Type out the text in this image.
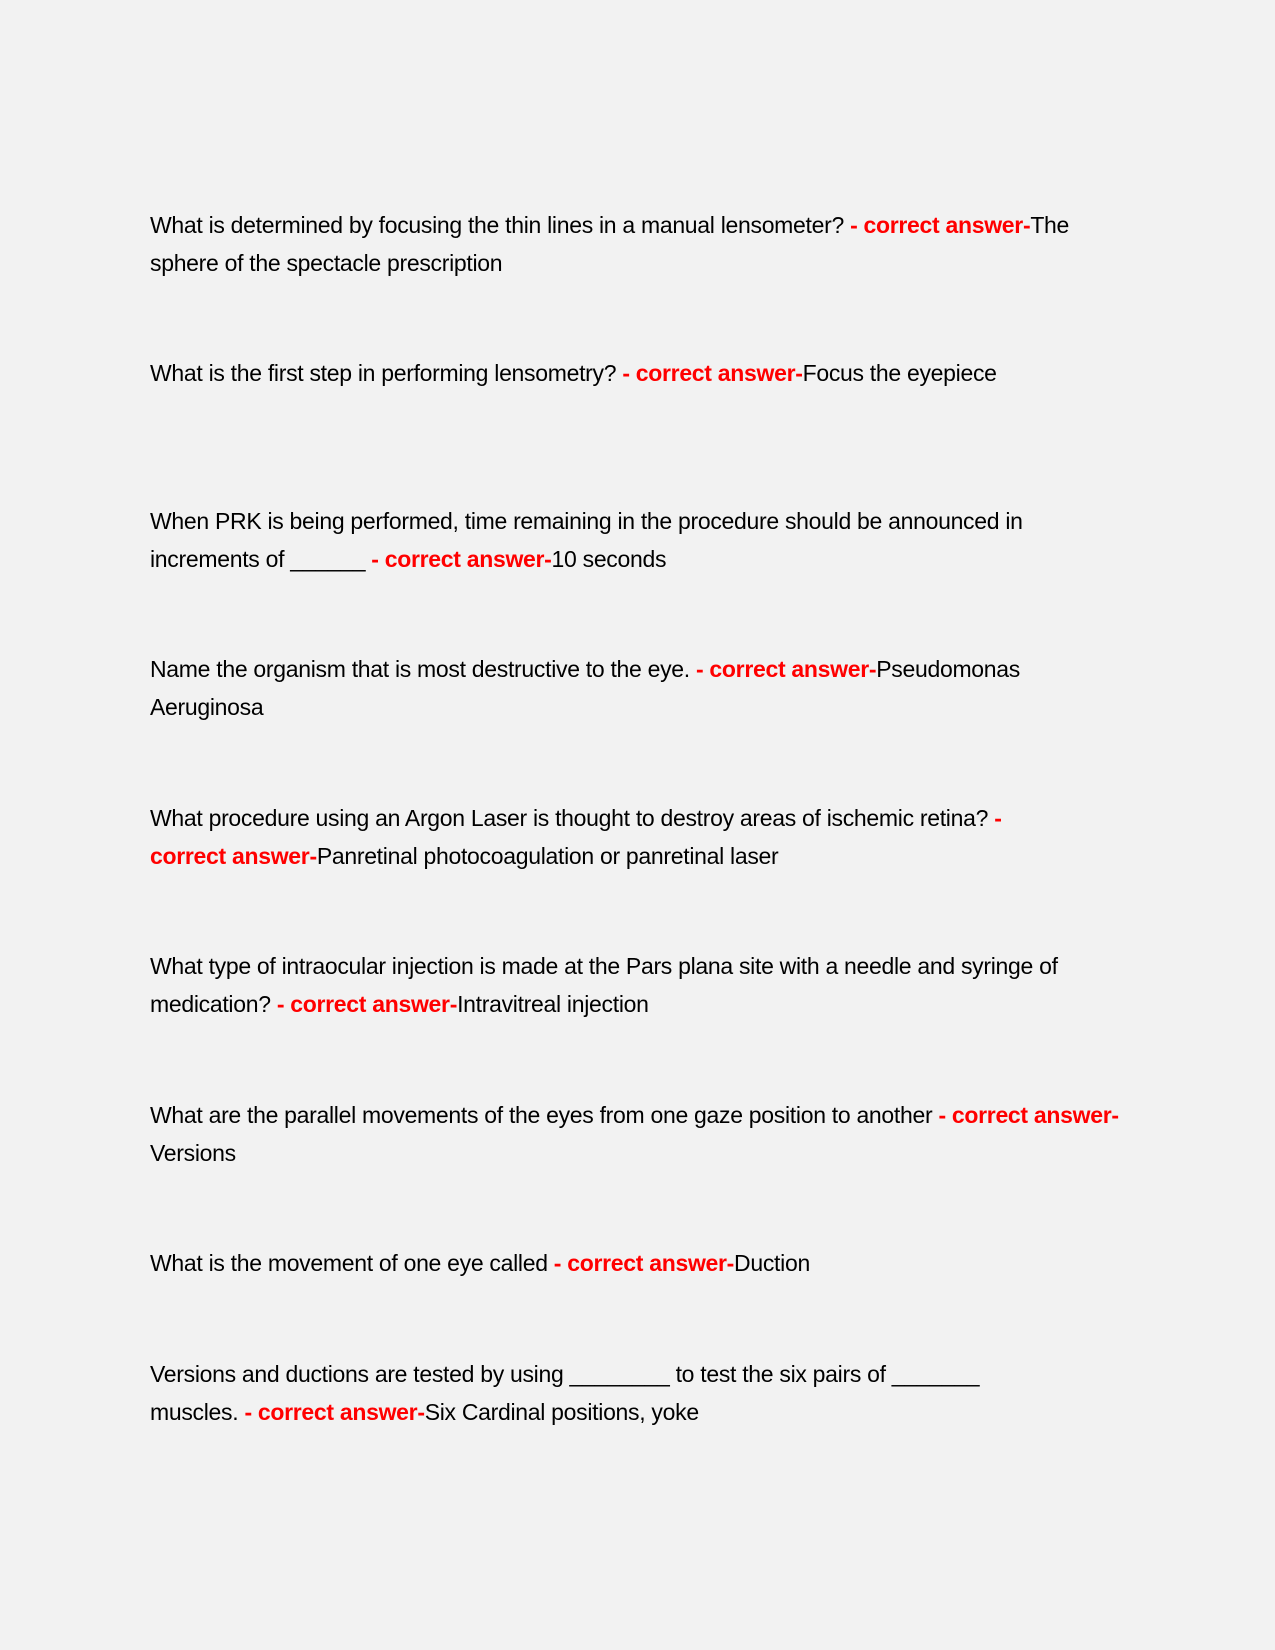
What is determined by focusing the thin lines in a manual lensometer? - correct answer-The sphere of the spectacle prescription
What is the first step in performing lensometry? - correct answer-Focus the eyepiece
When PRK is being performed, time remaining in the procedure should be announced in increments of ______ - correct answer-10 seconds
Name the organism that is most destructive to the eye. - correct answer-Pseudomonas Aeruginosa
What procedure using an Argon Laser is thought to destroy areas of ischemic retina? - correct answer-Panretinal photocoagulation or panretinal laser
What type of intraocular injection is made at the Pars plana site with a needle and syringe of medication? - correct answer-Intravitreal injection
What are the parallel movements of the eyes from one gaze position to another - correct answer-Versions
What is the movement of one eye called - correct answer-Duction
Versions and ductions are tested by using ________ to test the six pairs of _______ muscles. - correct answer-Six Cardinal positions, yoke
